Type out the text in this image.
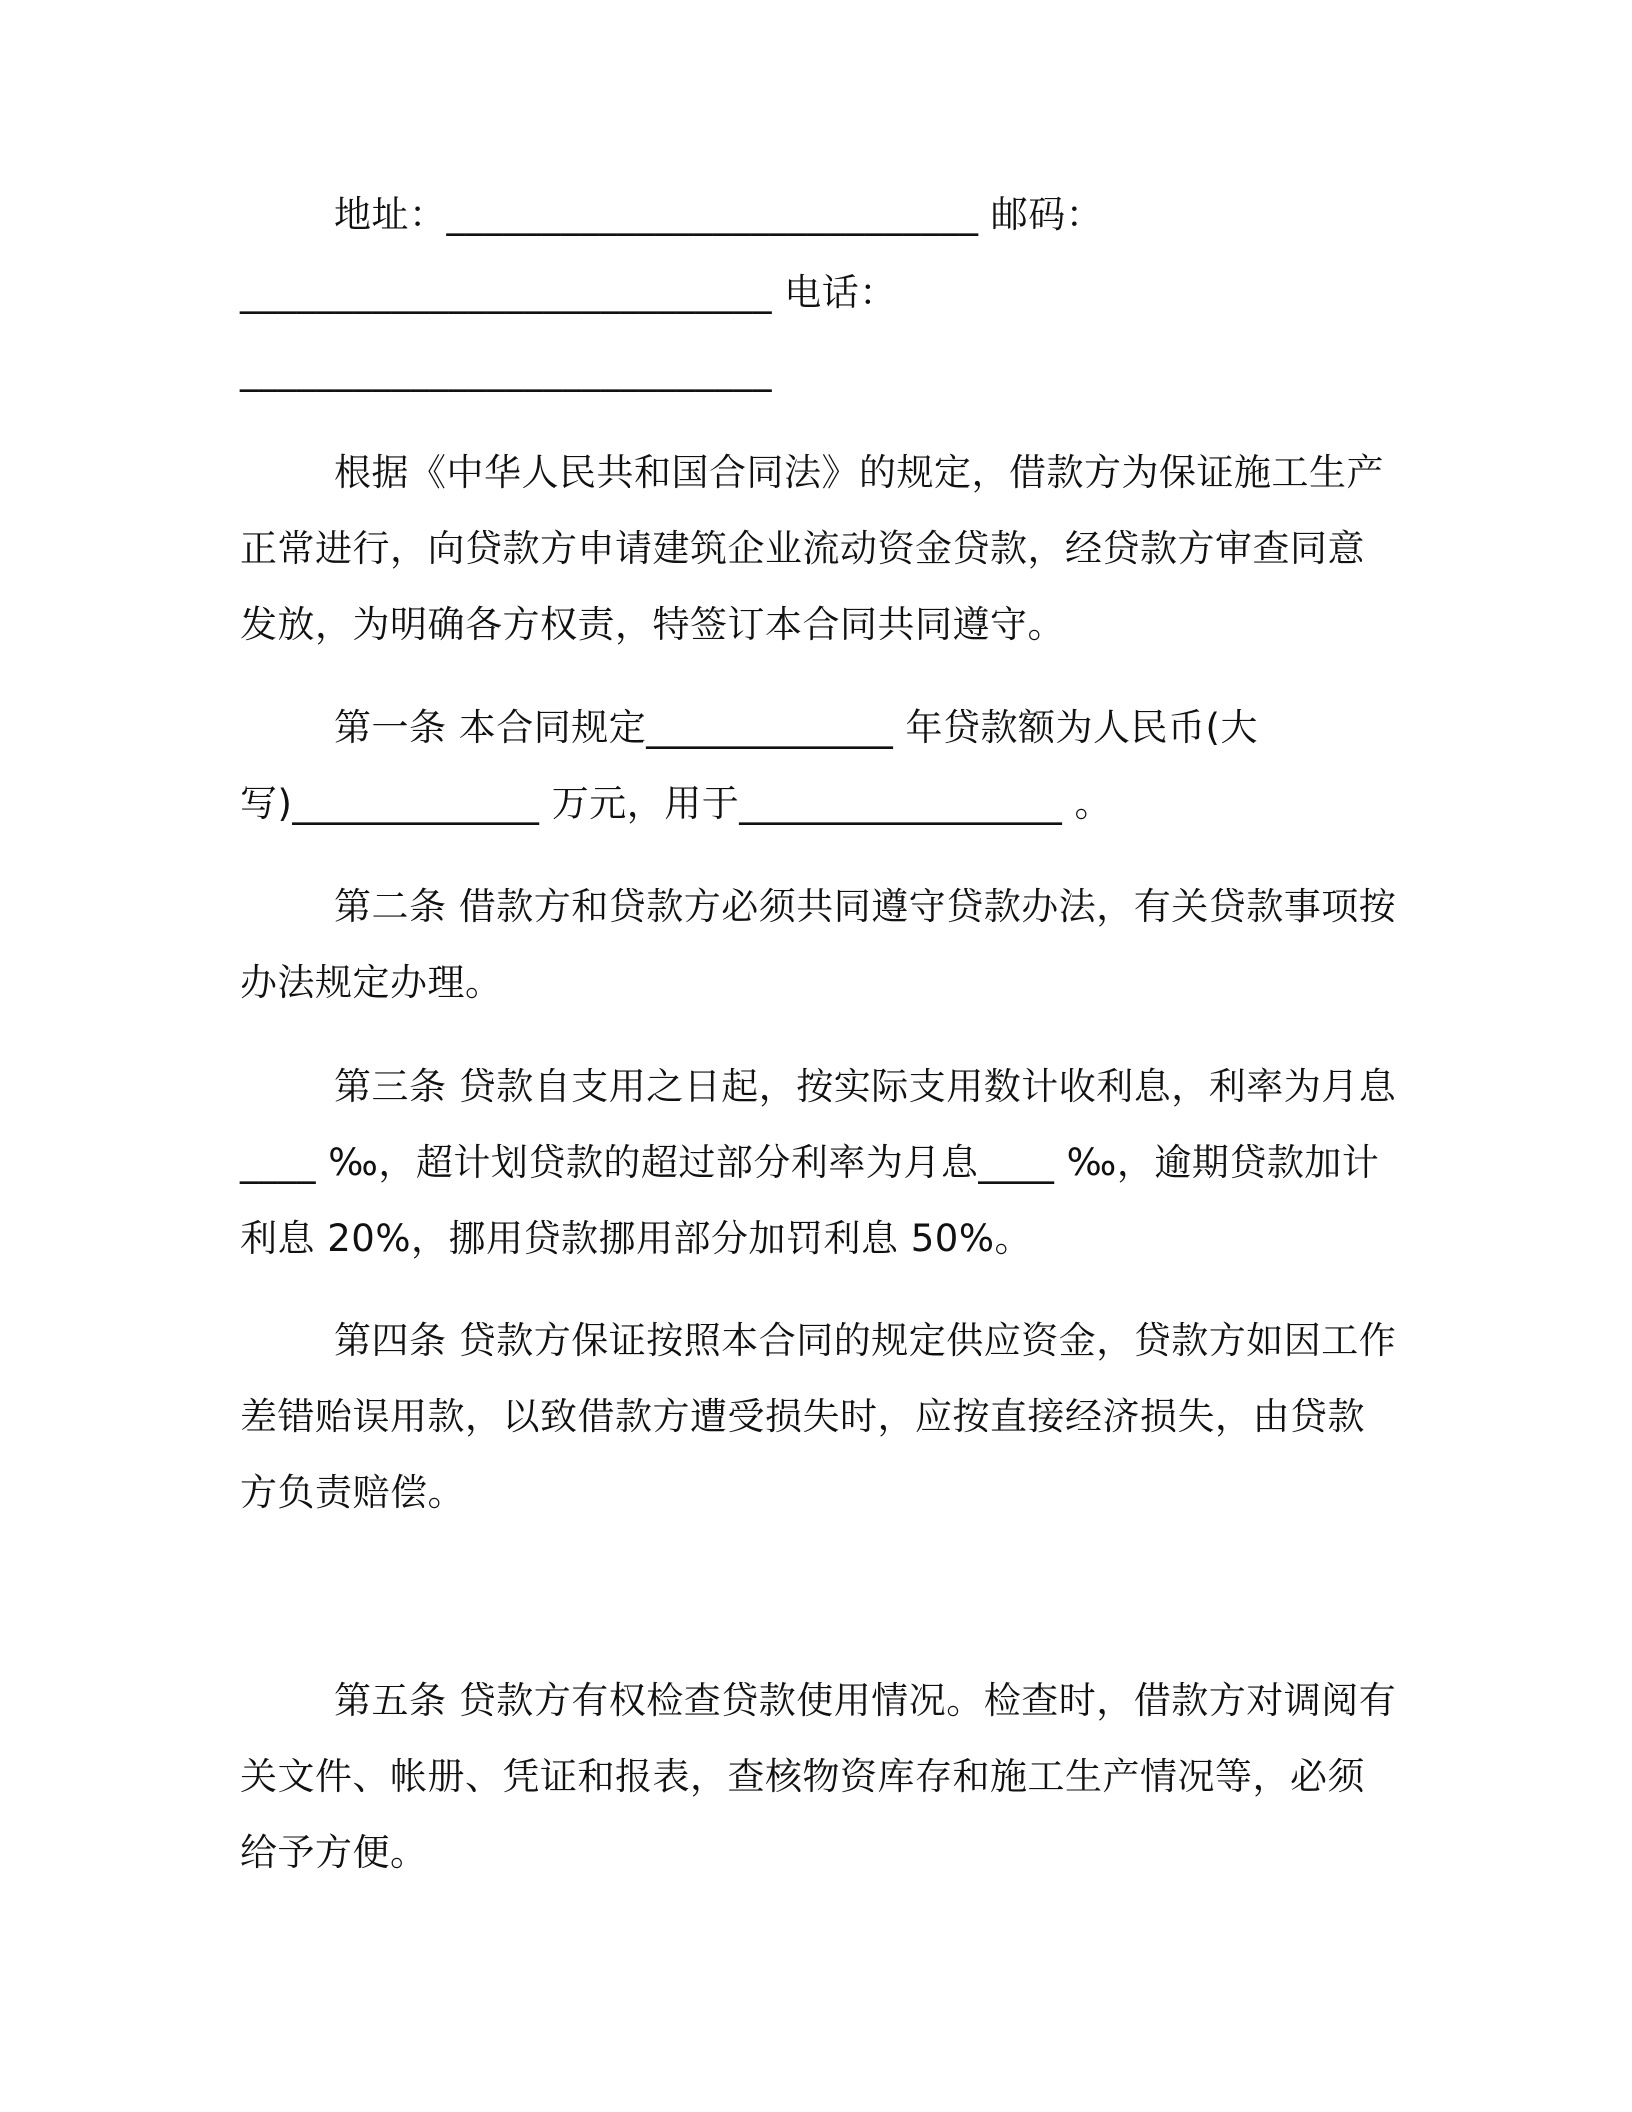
地址：____________________________ 邮码：
____________________________ 电话：
____________________________
根据《中华人民共和国合同法》的规定，借款方为保证施工生产
正常进行，向贷款方申请建筑企业流动资金贷款，经贷款方审查同意
发放，为明确各方权责，特签订本合同共同遵守。
第一条 本合同规定_____________ 年贷款额为人民币(大
写)_____________ 万元，用于_________________ 。
第二条 借款方和贷款方必须共同遵守贷款办法，有关贷款事项按
办法规定办理。
第三条 贷款自支用之日起，按实际支用数计收利息，利率为月息
____ ‰，超计划贷款的超过部分利率为月息____ ‰，逾期贷款加计
利息 20%，挪用贷款挪用部分加罚利息 50%。
第四条 贷款方保证按照本合同的规定供应资金，贷款方如因工作
差错贻误用款，以致借款方遭受损失时，应按直接经济损失，由贷款
方负责赔偿。
第五条 贷款方有权检查贷款使用情况。检查时，借款方对调阅有
关文件、帐册、凭证和报表，查核物资库存和施工生产情况等，必须
给予方便。
